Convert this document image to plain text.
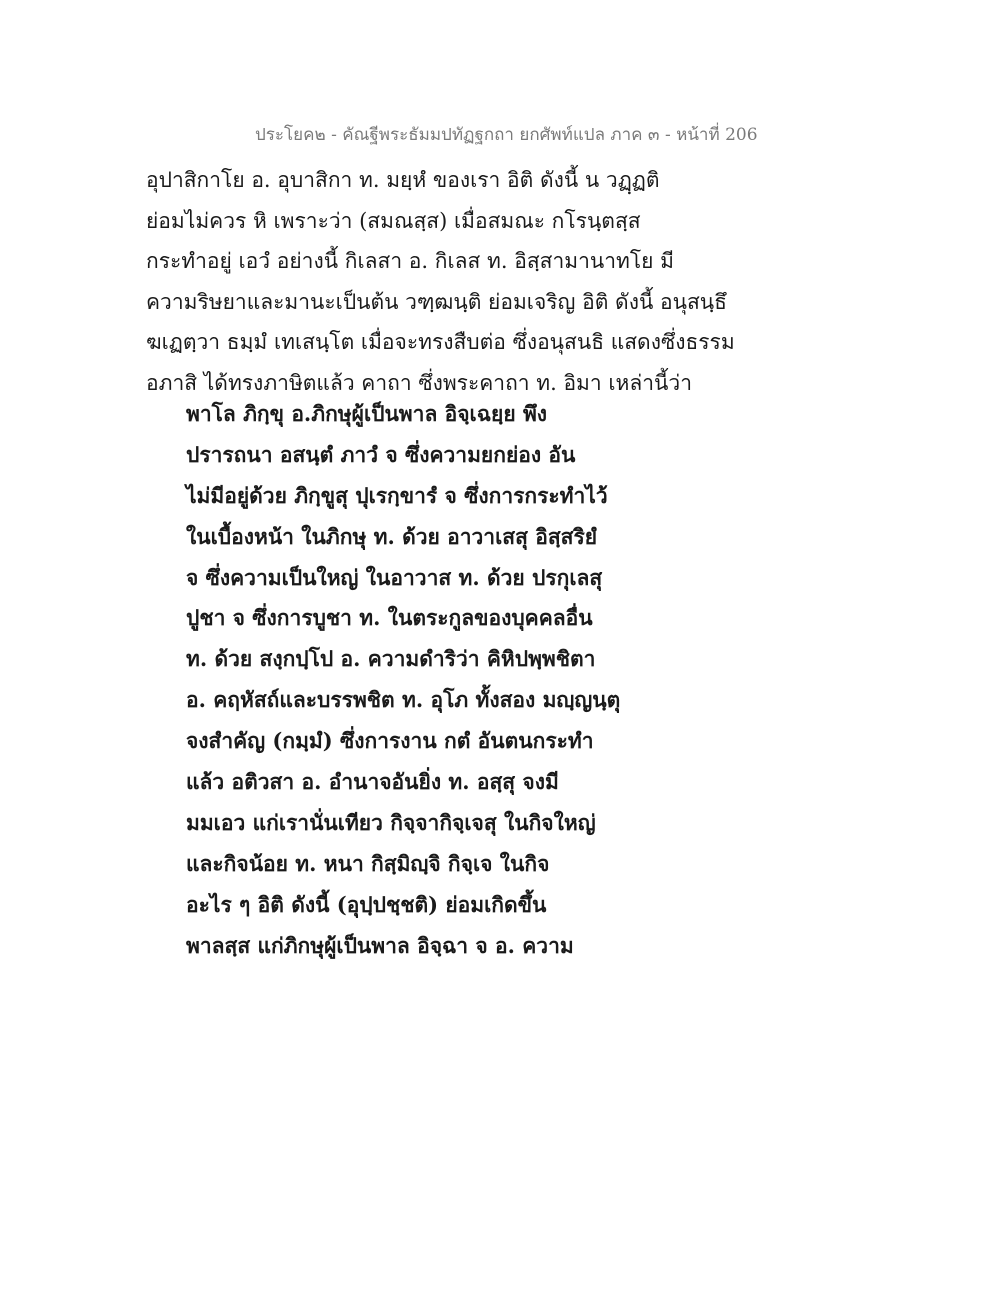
ประโยค๒ - คัณฐีพระธัมมปทัฏฐกถา ยกศัพท์แปล ภาค ๓ - หน้าที่ 206
อุปาสิกาโย อ. อุบาสิกา ท. มยฺหํ ของเรา อิติ ดังนี้ น วฏฺฏติ
ย่อมไม่ควร หิ เพราะว่า (สมณสฺส) เมื่อสมณะ กโรนฺตสฺส
กระทำอยู่ เอวํ อย่างนี้ กิเลสา อ. กิเลส ท. อิสฺสามานาทโย มี
ความริษยาและมานะเป็นต้น วฑฺฒนฺติ ย่อมเจริญ อิติ ดังนี้ อนุสนฺธึ
ฆเฏตฺวา ธมฺมํ เทเสนฺโต เมื่อจะทรงสืบต่อ ซึ่งอนุสนธิ แสดงซึ่งธรรม
อภาสิ ได้ทรงภาษิตแล้ว คาถา ซึ่งพระคาถา ท. อิมา เหล่านี้ว่า
พาโล ภิกฺขุ อ.ภิกษุผู้เป็นพาล อิจฺเฉยฺย พึง
ปรารถนา อสนฺตํ ภาวํ จ ซึ่งความยกย่อง อัน
ไม่มีอยู่ด้วย ภิกฺขูสุ ปุเรกฺขารํ จ ซึ่งการกระทำไว้
ในเบื้องหน้า ในภิกษุ ท. ด้วย อาวาเสสุ อิสฺสริยํ
จ ซึ่งความเป็นใหญ่ ในอาวาส ท. ด้วย ปรกุเลสุ
ปูชา จ ซึ่งการบูชา ท. ในตระกูลของบุคคลอื่น
ท. ด้วย สงฺกปฺโป อ. ความดำริว่า คิหิปพฺพชิตา
อ. คฤหัสถ์และบรรพชิต ท. อุโภ ทั้งสอง มญฺญนฺตุ
จงสำคัญ (กมฺมํ) ซึ่งการงาน กตํ อันตนกระทำ
แล้ว อติวสา อ. อำนาจอันยิ่ง ท. อสฺสุ จงมี
มมเอว แก่เรานั่นเทียว กิจฺจากิจฺเจสุ ในกิจใหญ่
และกิจน้อย ท. หนา กิสฺมิญฺจิ กิจฺเจ ในกิจ
อะไร ๆ อิติ ดังนี้ (อุปฺปชฺชติ) ย่อมเกิดขึ้น
พาลสฺส แก่ภิกษุผู้เป็นพาล อิจฺฉา จ อ. ความ
